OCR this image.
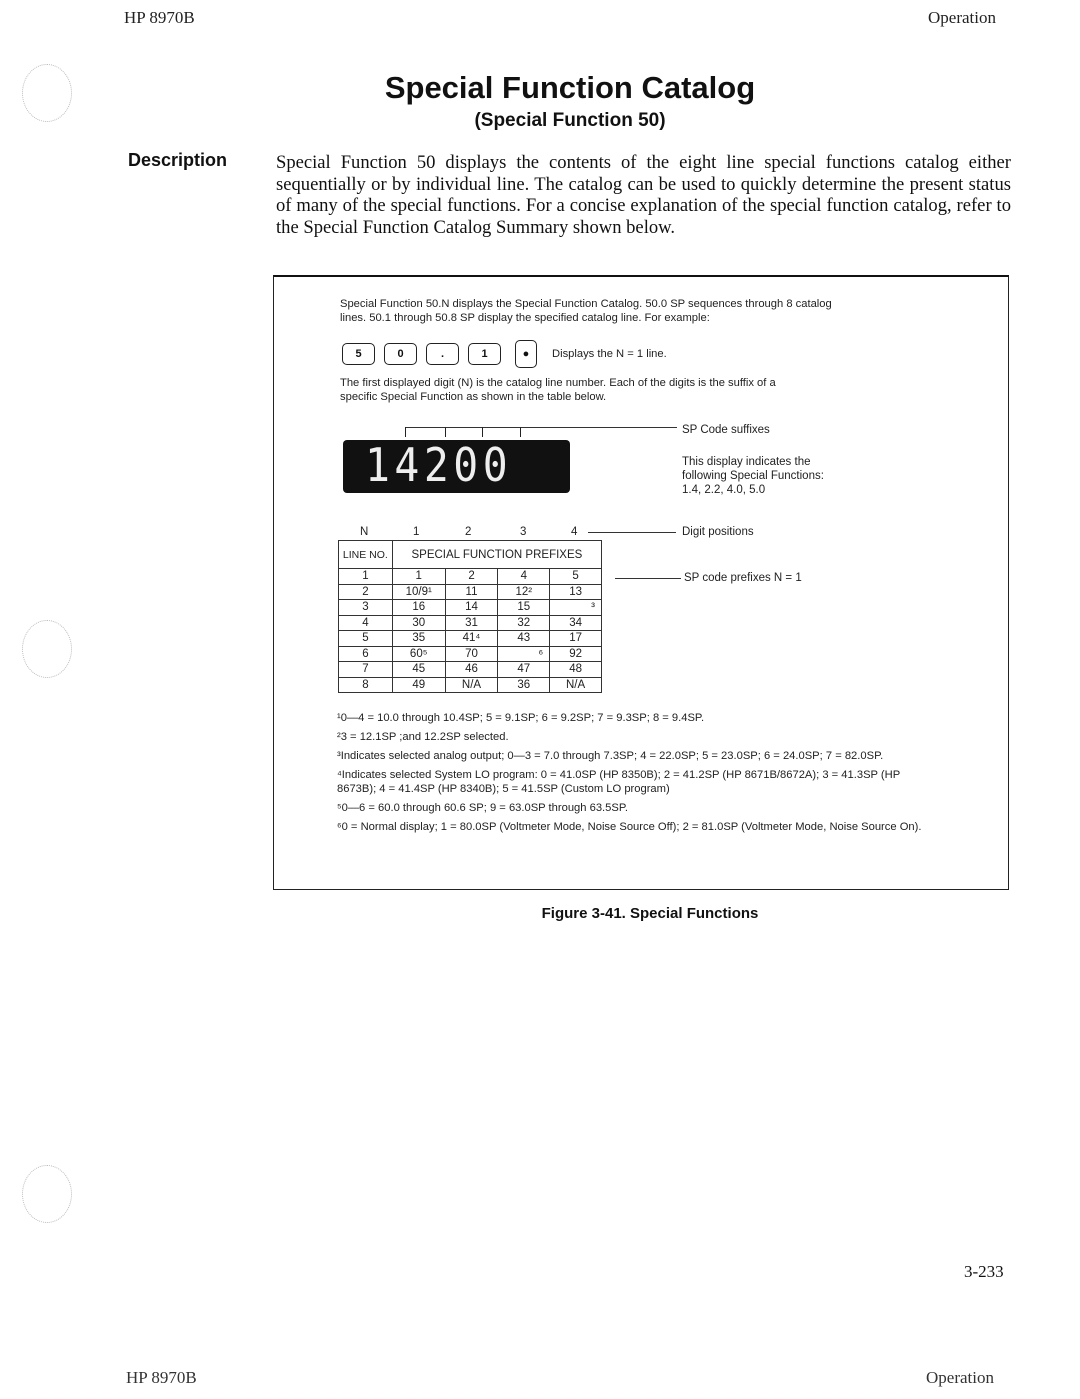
HP 8970B	Operation
Special Function Catalog
(Special Function 50)
Description	Special Function 50 displays the contents of the eight line special functions catalog either sequentially or by individual line. The catalog can be used to quickly determine the present status of many of the special functions. For a concise explanation of the special function catalog, refer to the Special Function Catalog Summary shown below.
Special Function 50.N displays the Special Function Catalog. 50.0 SP sequences through 8 catalog
lines. 50.1 through 50.8 SP display the specified catalog line. For example:
5	0	.	1	●	Displays the N = 1 line.
The first displayed digit (N) is the catalog line number. Each of the digits is the suffix of a
specific Special Function as shown in the table below.
SP Code suffixes
14200	This display indicates the
following Special Functions:
1.4, 2.2, 4.0, 5.0
N	1	2	3	4	Digit positions
LINE NO.	SPECIAL FUNCTION PREFIXES			
1	1	2	4	5
2	10/9¹	11	12²	13
3	16	14	15	³
4	30	31	32	34
5	35	41⁴	43	17
6	60⁵	70	⁶	92
7	45	46	47	48
8	49	N/A	36	N/A
SP code prefixes N = 1
¹0—4 = 10.0 through 10.4SP; 5 = 9.1SP; 6 = 9.2SP; 7 = 9.3SP; 8 = 9.4SP.
²3 = 12.1SP ;and 12.2SP selected.
³Indicates selected analog output; 0—3 = 7.0 through 7.3SP; 4 = 22.0SP; 5 = 23.0SP; 6 = 24.0SP; 7 = 82.0SP.
⁴Indicates selected System LO program: 0 = 41.0SP (HP 8350B); 2 = 41.2SP (HP 8671B/8672A); 3 = 41.3SP (HP 8673B); 4 = 41.4SP (HP 8340B); 5 = 41.5SP (Custom LO program)
⁵0—6 = 60.0 through 60.6 SP; 9 = 63.0SP through 63.5SP.
⁶0 = Normal display; 1 = 80.0SP (Voltmeter Mode, Noise Source Off); 2 = 81.0SP (Voltmeter Mode, Noise Source On).
Figure 3-41. Special Functions
3-233
HP 8970B	Operation
